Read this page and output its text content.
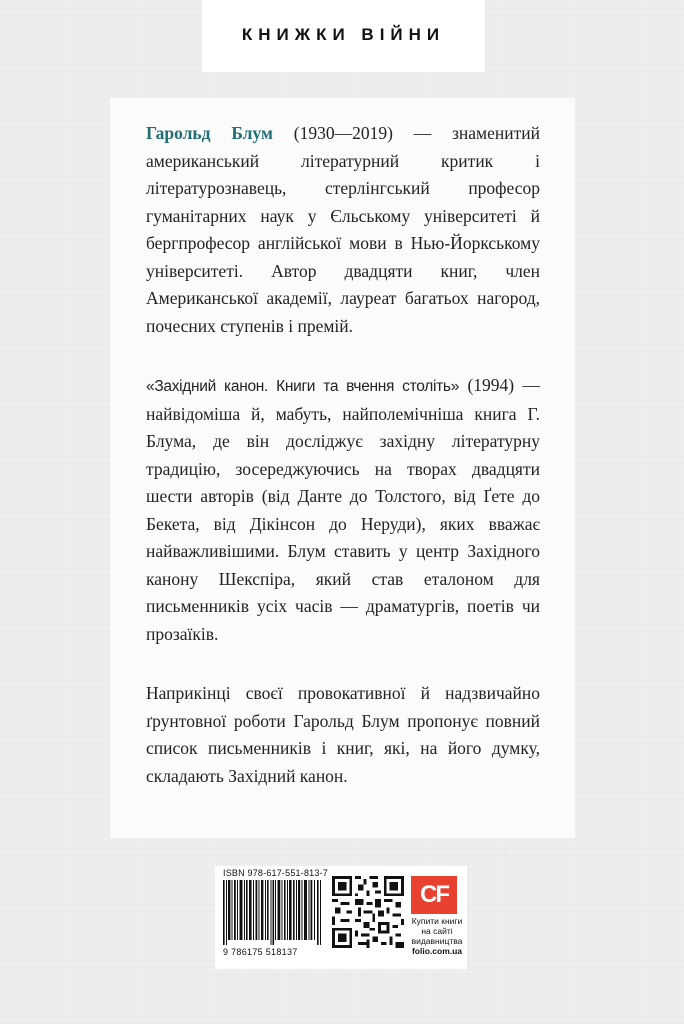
КНИЖКИ ВІЙНИ

Гарольд Блум (1930—2019) — знаменитий американський літературний критик і літературознавець, стерлінгський професор гуманітарних наук у Єльському університеті й бергпрофесор англійської мови в Нью-Йоркському університеті. Автор двадцяти книг, член Американської академії, лауреат багатьох нагород, почесних ступенів і премій.

«Західний канон. Книги та вчення століть» (1994) — найвідоміша й, мабуть, найполемічніша книга Г. Блума, де він досліджує західну літературну традицію, зосереджуючись на творах двадцяти шести авторів (від Данте до Толстого, від Ґете до Бекета, від Дікінсон до Неруди), яких вважає найважливішими. Блум ставить у центр Західного канону Шекспіра, який став еталоном для письменників усіх часів — драматургів, поетів чи прозаїків.

Наприкінці своєї провокативної й надзвичайно ґрунтовної роботи Гарольд Блум пропонує повний список письменників і книг, які, на його думку, складають Західний канон.

ISBN 978-617-551-813-7
9 786175 518137
CF
Купити книги
на сайті
видавництва
folio.com.ua
